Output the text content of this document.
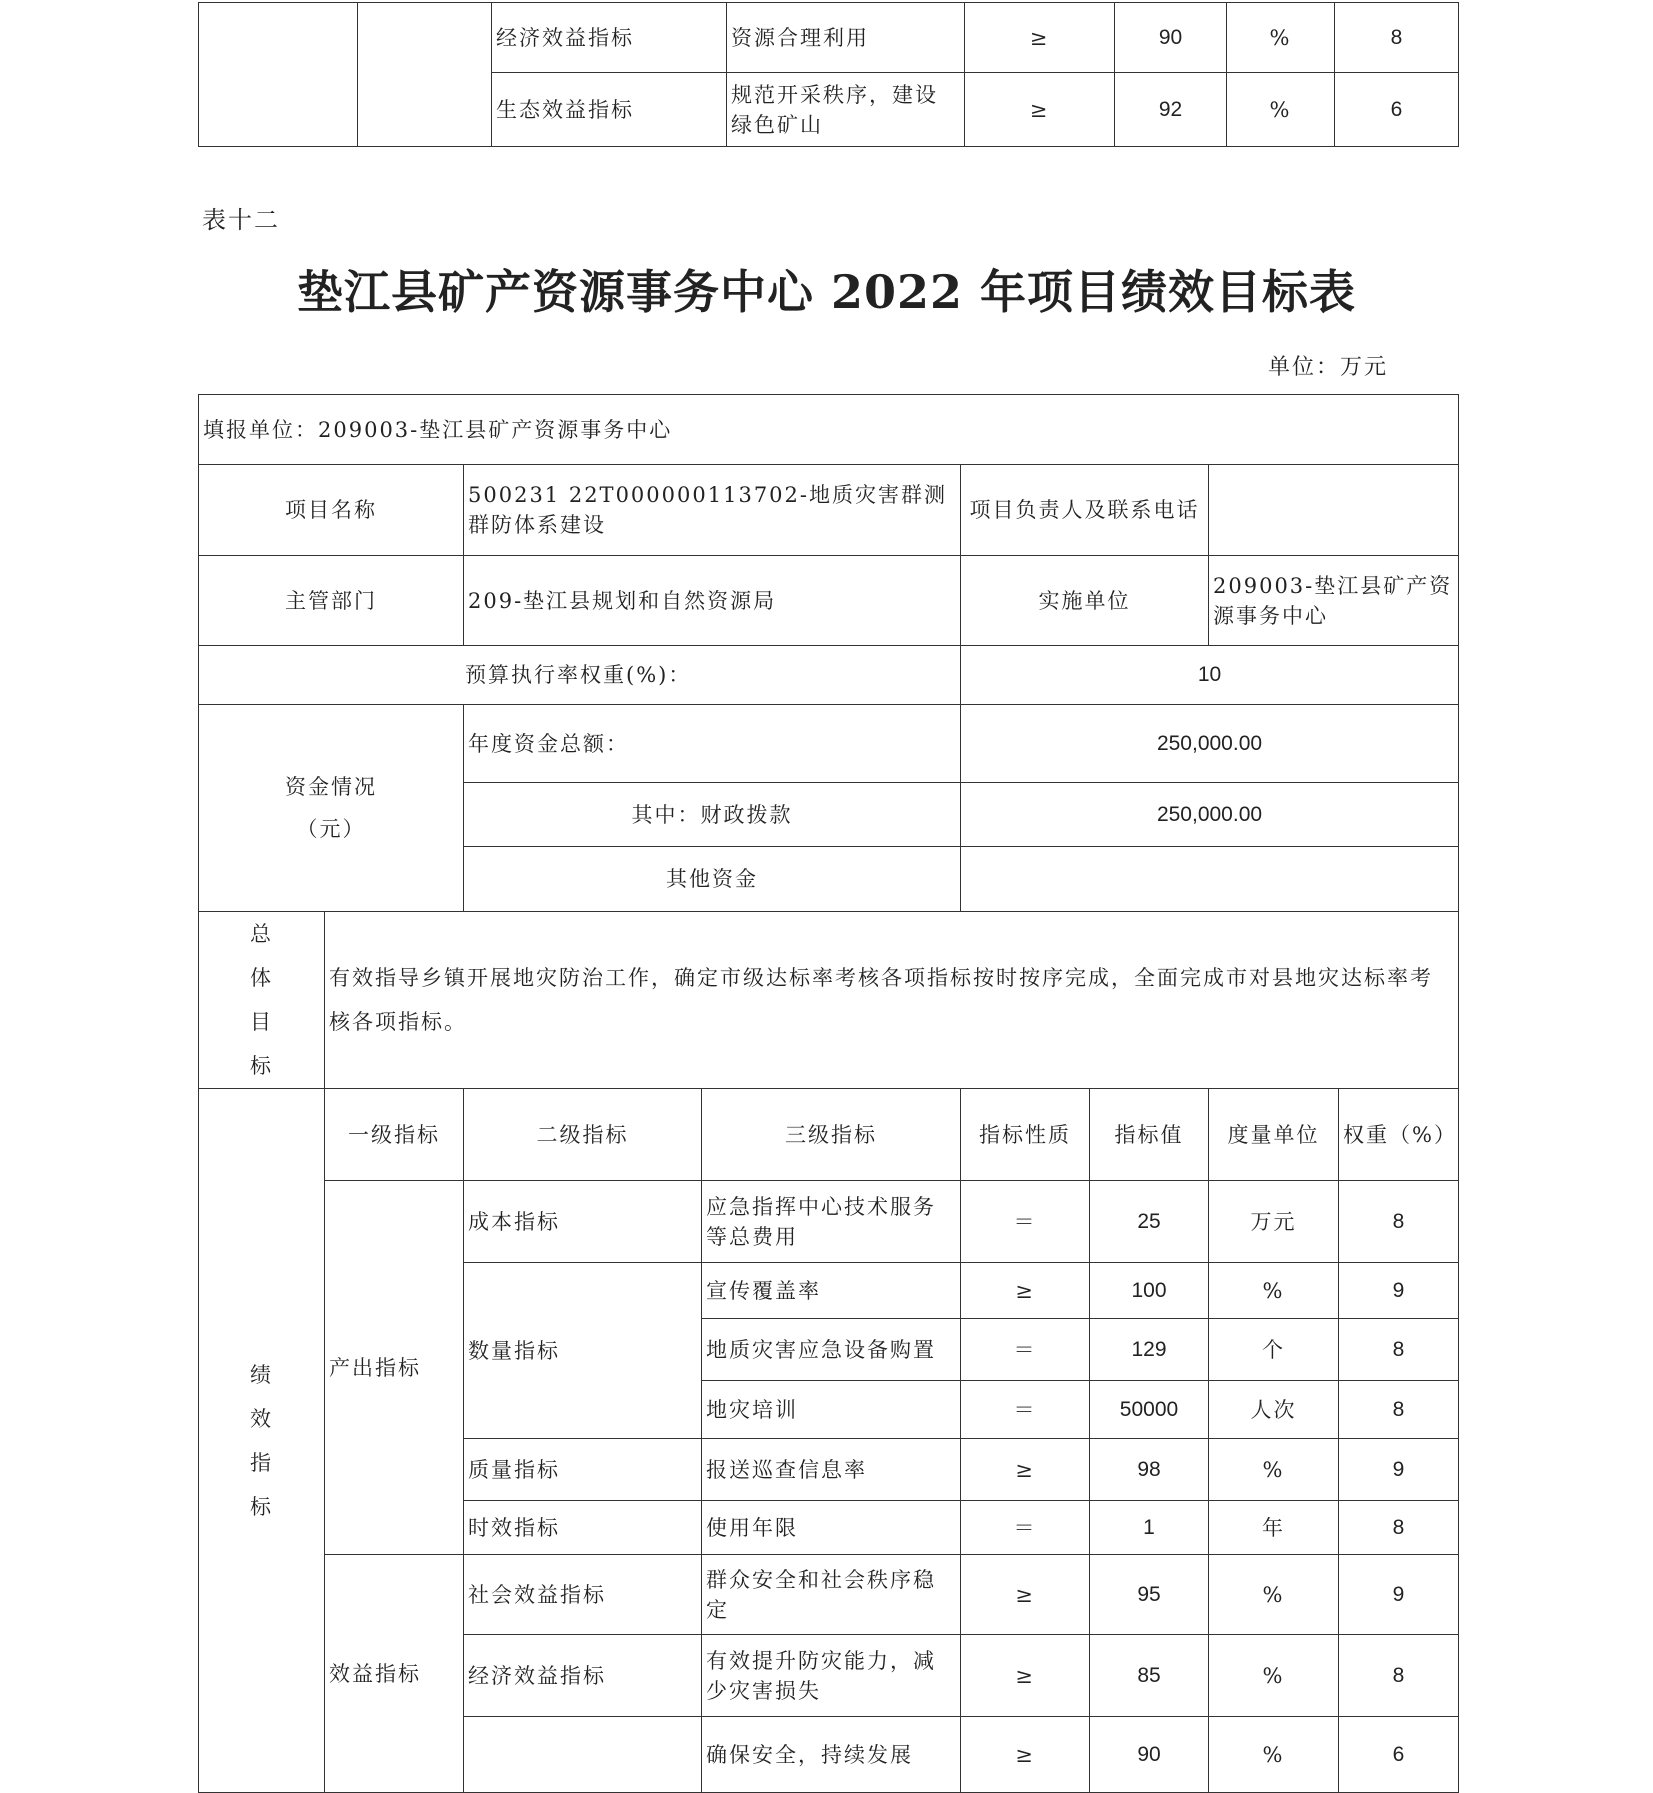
		经济效益指标	资源合理利用	≥	90	%	8
		生态效益指标	规范开采秩序，建设绿色矿山	≥	92	%	6
表十二
垫江县矿产资源事务中心 2022 年项目绩效目标表
单位：万元
填报单位：209003-垫江县矿产资源事务中心							
项目名称		500231 22T000000113702-地质灾害群测群防体系建设		项目负责人及联系电话			
主管部门		209-垫江县规划和自然资源局		实施单位		209003-垫江县矿产资源事务中心	
预算执行率权重(%)：				10			

资金情况
（元）		年度资金总额：		250,000.00			
		其中：财政拨款		250,000.00			
		其他资金					
总体目标	有效指导乡镇开展地灾防治工作，确定市级达标率考核各项指标按时按序完成，全面完成市对县地灾达标率考核各项指标。						
绩效指标	一级指标	二级指标	三级指标	指标性质	指标值	度量单位	权重（%）
	产出指标	成本指标	应急指挥中心技术服务等总费用	＝	25	万元	8
		数量指标	宣传覆盖率	≥	100	%	9
			地质灾害应急设备购置	＝	129	个	8
			地灾培训	＝	50000	人次	8
		质量指标	报送巡查信息率	≥	98	%	9
		时效指标	使用年限	＝	1	年	8
	效益指标	社会效益指标	群众安全和社会秩序稳定	≥	95	%	9
		经济效益指标	有效提升防灾能力，减少灾害损失	≥	85	%	8
			确保安全，持续发展	≥	90	%	6
